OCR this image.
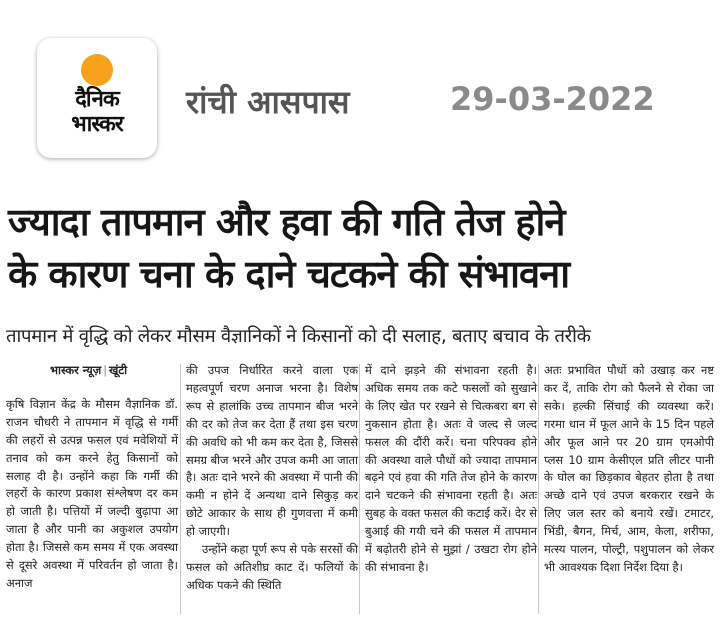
दैनिक
भास्कर
रांची आसपास	29-03-2022
ज्यादा तापमान और हवा की गति तेज होने
के कारण चना के दाने चटकने की संभावना
तापमान में वृद्धि को लेकर मौसम वैज्ञानिकों ने किसानों को दी सलाह, बताए बचाव के तरीके
भास्कर न्यूज़ | खूंटी

कृषि विज्ञान केंद्र के मौसम वैज्ञानिक डॉ. राजन चौधरी ने तापमान में वृद्धि से गर्मी की लहरों से उत्पन्न फसल एवं मवेशियों में तनाव को कम करने हेतु किसानों को सलाह दी है। उन्होंने कहा कि गर्मी की लहरों के कारण प्रकाश संश्लेषण दर कम हो जाती है। पत्तियों में जल्दी बुढ़ापा आ जाता है और पानी का अकुशल उपयोग होता है। जिससे कम समय में एक अवस्था से दूसरे अवस्था में परिवर्तन हो जाता है। अनाज

की उपज निर्धारित करने वाला एक महत्वपूर्ण चरण अनाज भरना है। विशेष रूप से हालांकि उच्च तापमान बीज भरने की दर को तेज कर देता हैं तथा इस चरण की अवधि को भी कम कर देता है, जिससे समग्र बीज भरने और उपज कमी आ जाता है। अतः दाने भरने की अवस्था में पानी की कमी न होने दें अन्यथा दाने सिकुड़ कर छोटे आकार के साथ ही गुणवत्ता में कमी हो जाएगी।

उन्होंने कहा पूर्ण रूप से पके सरसों की फसल को अतिशीघ्र काट दें। फलियों के अधिक पकने की स्थिति

में दाने झड़ने की संभावना रहती है। अधिक समय तक कटे फसलों को सुखाने के लिए खेत पर रखने से चित्कबरा बग से नुकसान होता है। अतः वे जल्द से जल्द फसल की दौंरी करें। चना परिपक्व होने की अवस्था वाले पौधों को ज्यादा तापमान बढ़ने एवं हवा की गति तेज होने के कारण दाने चटकने की संभावना रहती है। अतः सुबह के वक्त फसल की कटाई करें। देर से बुआई की गयी चने की फसल में तापमान में बढ़ोतरी होने से मुझ़ां / उखटा रोग होने की संभावना है।

अतः प्रभावित पौधों को उखाड़ कर नष्ट कर दें, ताकि रोग को फैलने से रोका जा सके। हल्की सिंचाई की व्यवस्था करें। गरमा धान में फूल आने के 15 दिन पहले और फूल आने पर 20 ग्राम एमओपी प्लस 10 ग्राम केसीएल प्रति लीटर पानी के घोल का छिड़काव बेहतर होता है तथा अच्छे दाने एवं उपज बरकरार रखने के लिए जल स्तर को बनाये रखें। टमाटर, भिंडी, बैगन, मिर्च, आम, केला, शरीफा, मत्स्य पालन, पोल्ट्री, पशुपालन को लेकर भी आवश्यक दिशा निर्देश दिया है।
